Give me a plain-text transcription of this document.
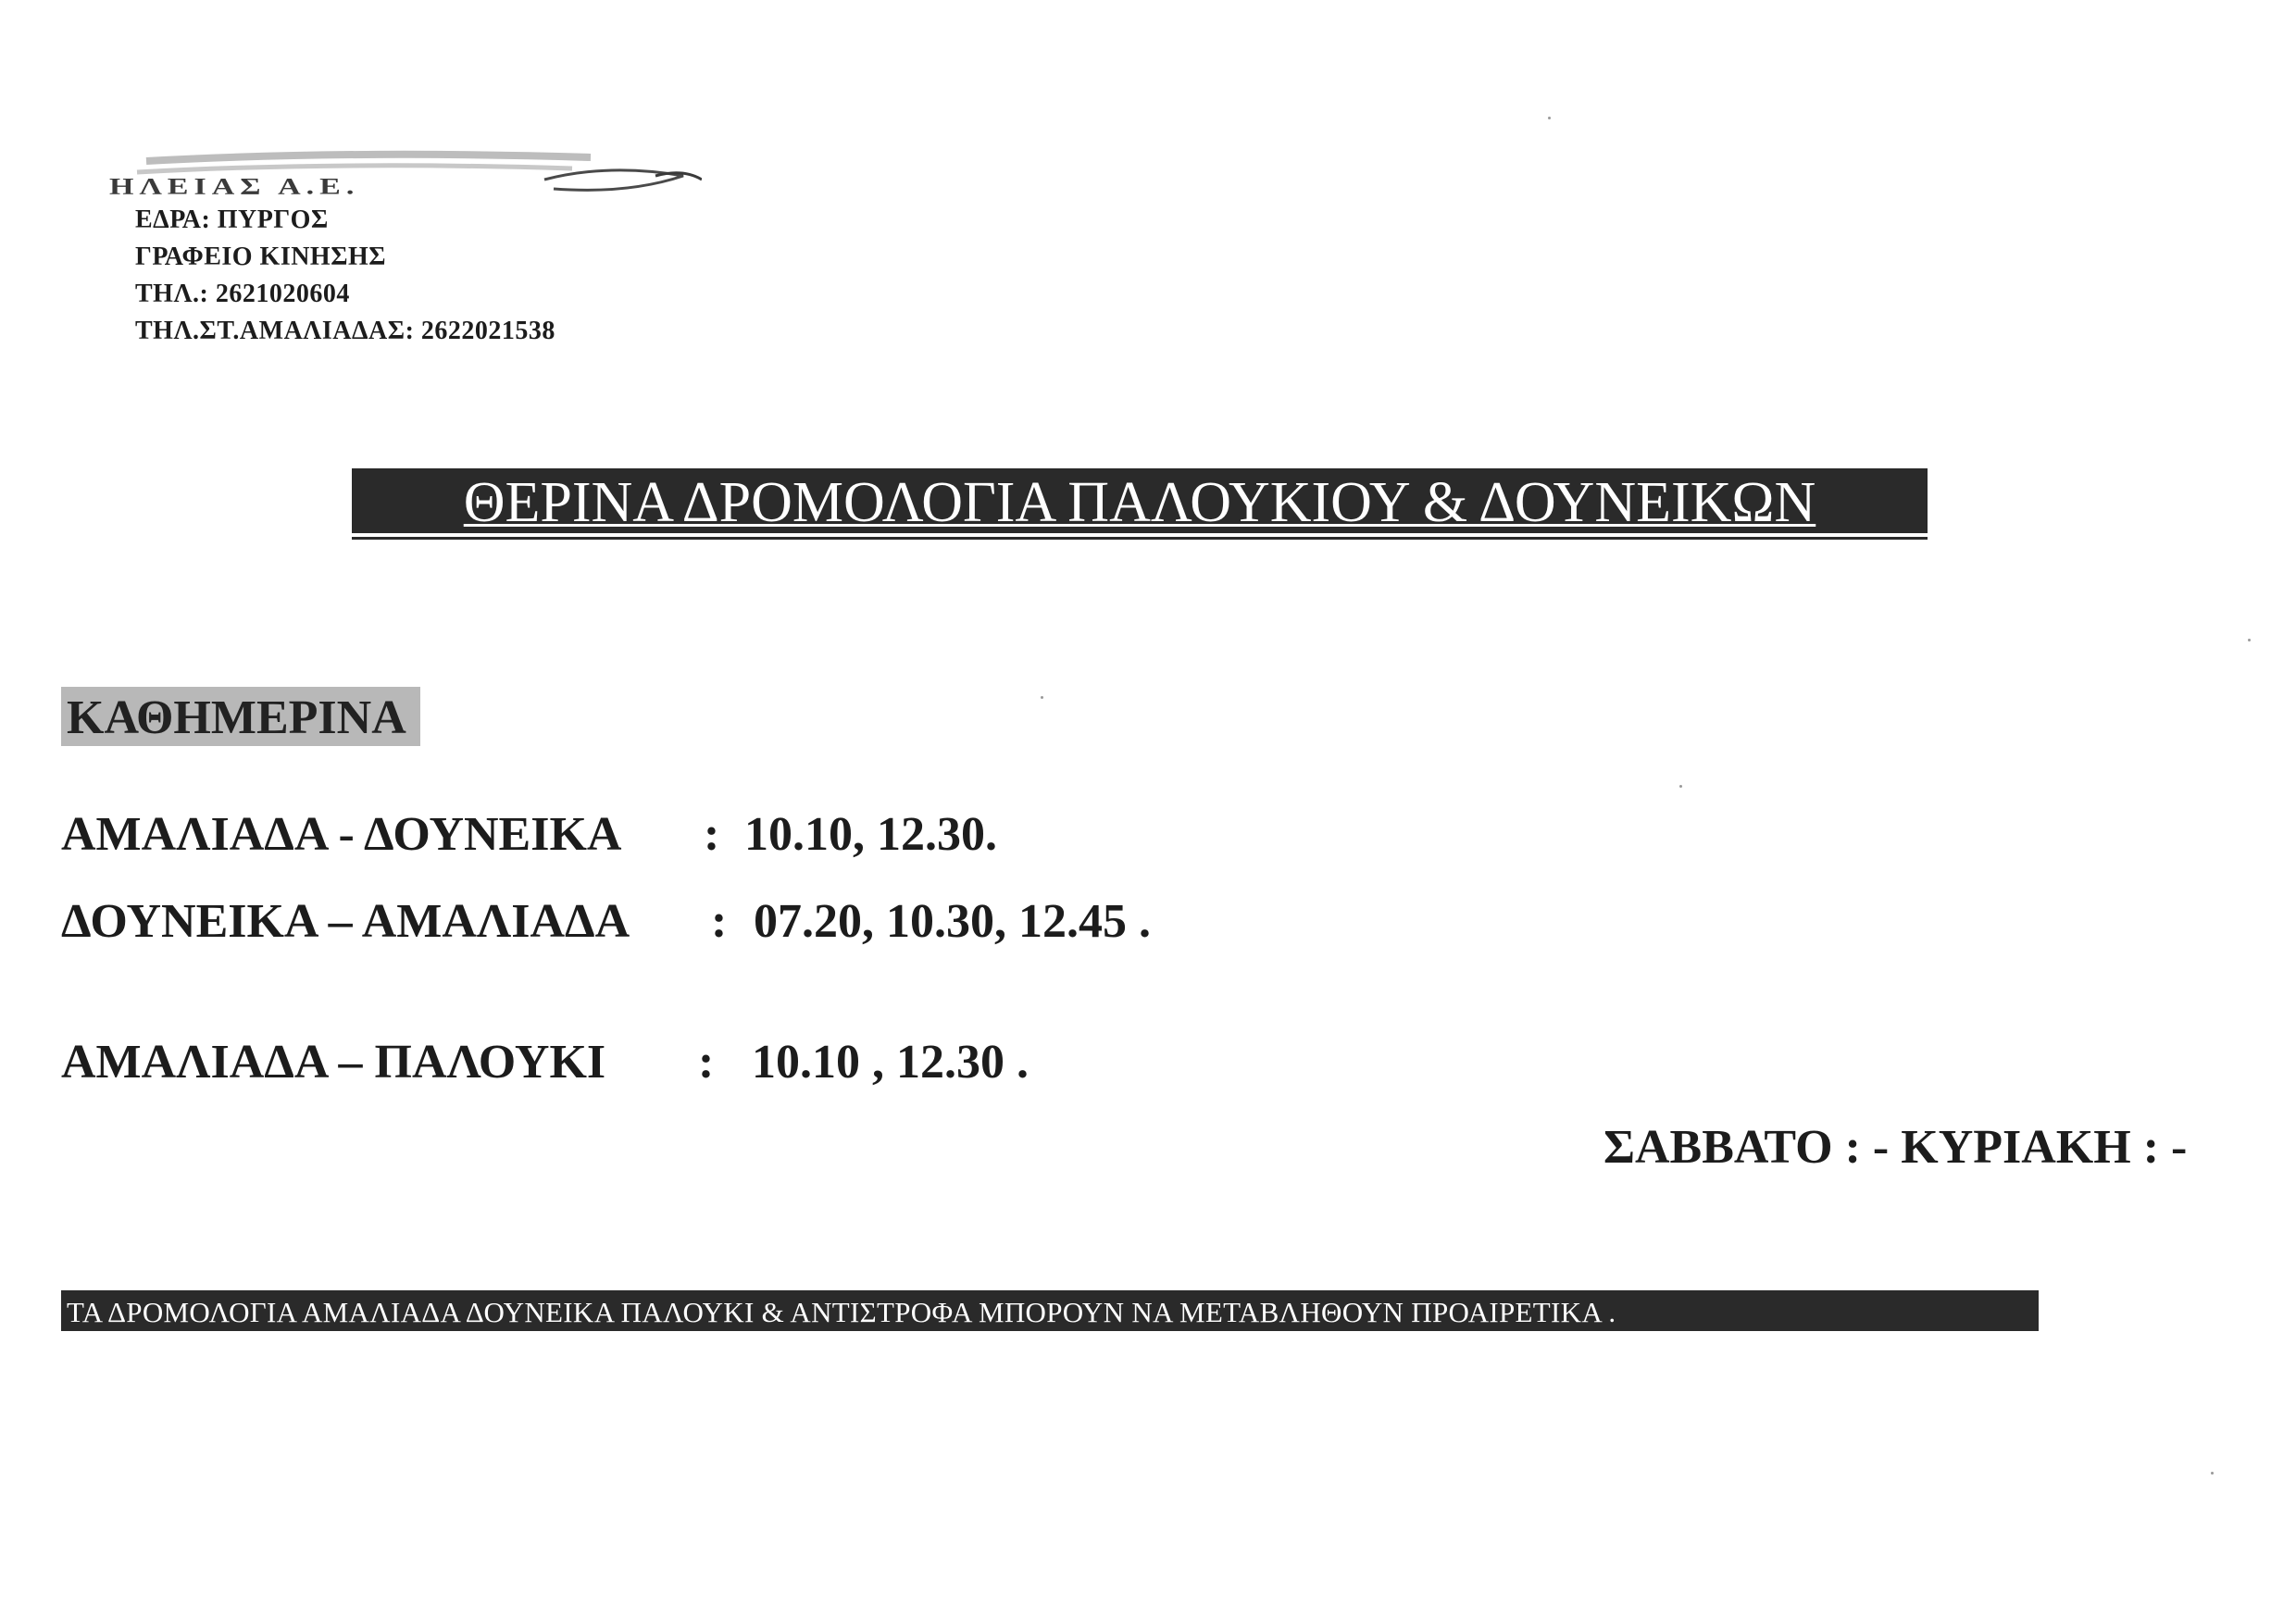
ΗΛΕΙΑΣ Α.Ε.
ΕΔΡΑ: ΠΥΡΓΟΣ
ΓΡΑΦΕΙΟ ΚΙΝΗΣΗΣ
ΤΗΛ.: 2621020604
ΤΗΛ.ΣΤ.ΑΜΑΛΙΑΔΑΣ: 2622021538
ΘΕΡΙΝΑ ΔΡΟΜΟΛΟΓΙΑ ΠΑΛΟΥΚΙΟΥ & ΔΟΥΝΕΙΚΩΝ
ΚΑΘΗΜΕΡΙΝΑ
ΑΜΑΛΙΑΔΑ - ΔΟΥΝΕΙΚΑ : 10.10, 12.30.
ΔΟΥΝΕΙΚΑ – ΑΜΑΛΙΑΔΑ : 07.20, 10.30, 12.45 .
ΑΜΑΛΙΑΔΑ – ΠΑΛΟΥΚΙ : 10.10 , 12.30 .
ΣΑΒΒΑΤΟ : - ΚΥΡΙΑΚΗ : -
ΤΑ ΔΡΟΜΟΛΟΓΙΑ ΑΜΑΛΙΑΔΑ ΔΟΥΝΕΙΚΑ ΠΑΛΟΥΚΙ & ΑΝΤΙΣΤΡΟΦΑ ΜΠΟΡΟΥΝ ΝΑ ΜΕΤΑΒΛΗΘΟΥΝ ΠΡΟΑΙΡΕΤΙΚΑ .
